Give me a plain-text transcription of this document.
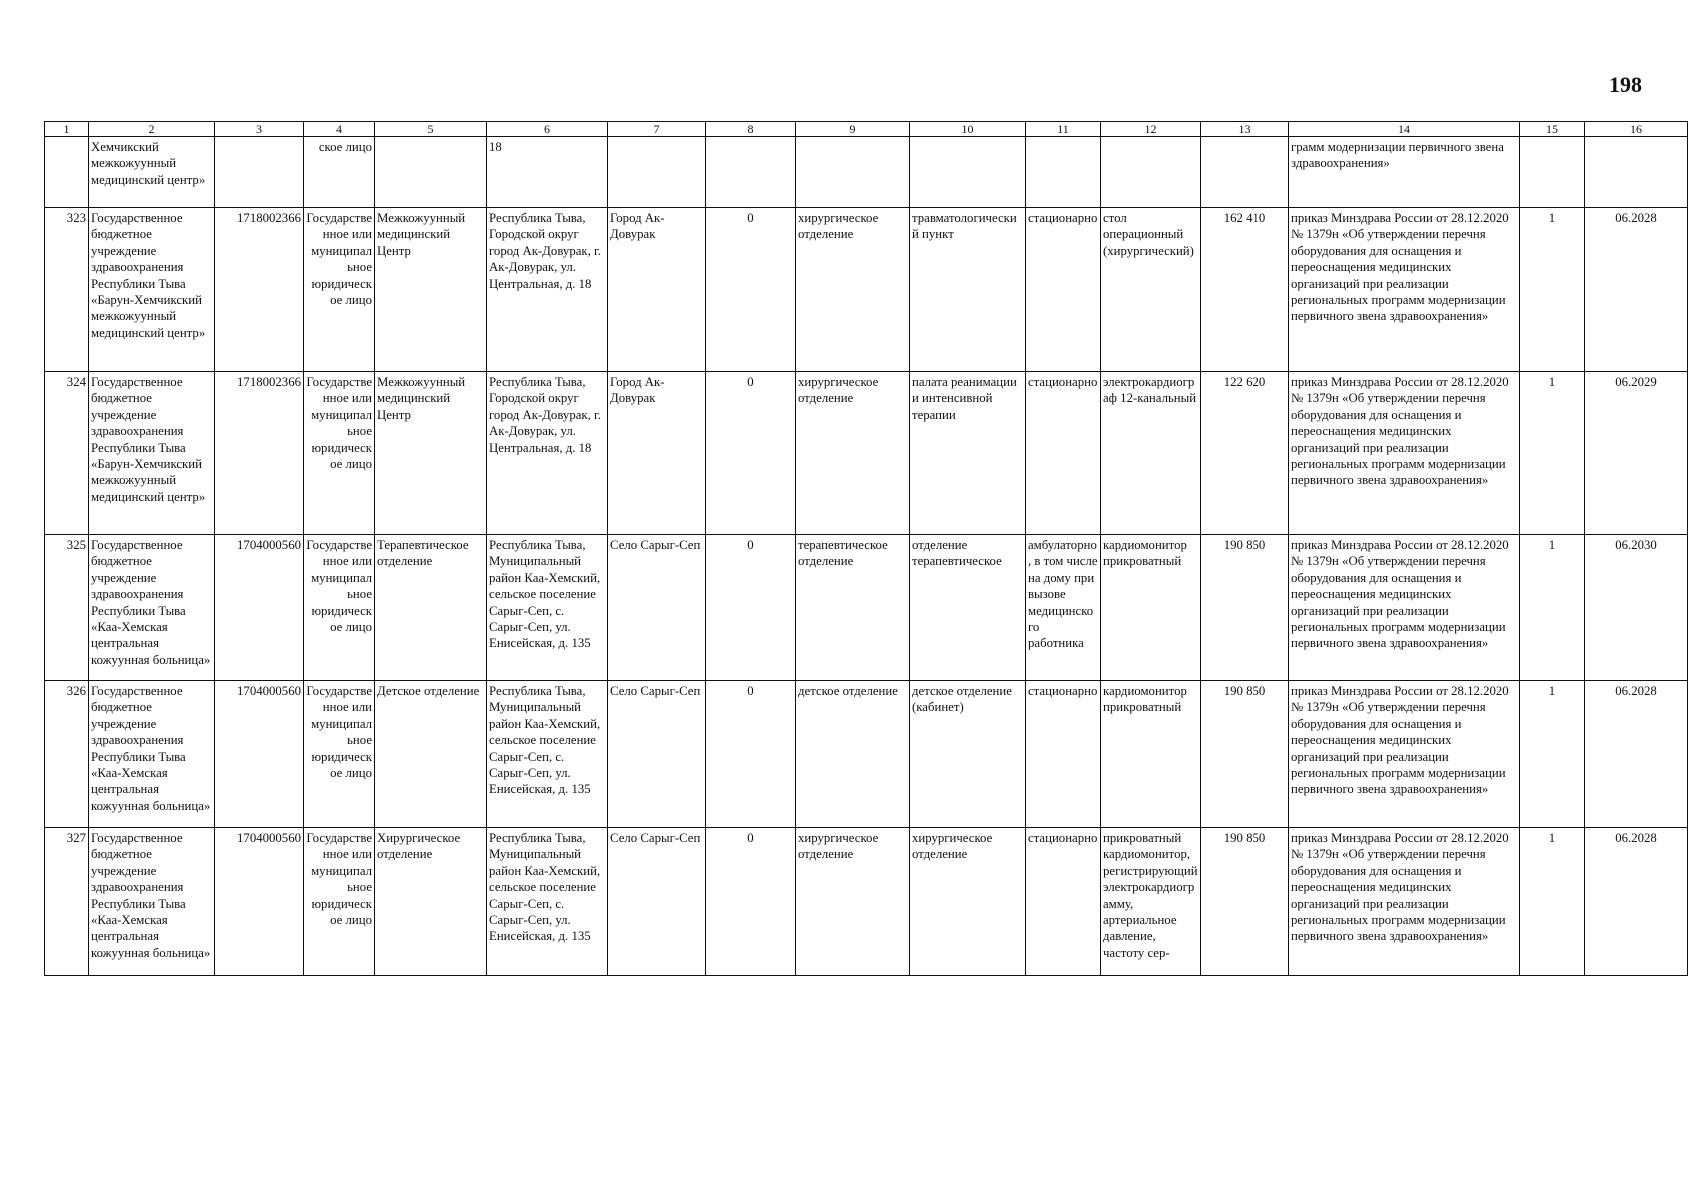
198
1	2	3	4	5	6	7	8	9	10	11	12	13	14	15	16
	Хемчикский межкожуунный медицинский центр»		ское лицо		18								грамм модернизации первичного звена здравоохранения»		
323	Государственное бюджетное учреждение здравоохранения Республики Тыва «Барун-Хемчикский межкожуунный медицинский центр»	1718002366	Государственное или муниципальное юридическое лицо	Межкожуунный медицинский Центр	Республика Тыва, Городской округ город Ак-Довурак, г. Ак-Довурак, ул. Центральная, д. 18	Город Ак-Довурак	0	хирургическое отделение	травматологический пункт	стационарно	стол операционный (хирургический)	162 410	приказ Минздрава России от 28.12.2020 № 1379н «Об утверждении перечня оборудования для оснащения и переоснащения медицинских организаций при реализации региональных программ модернизации первичного звена здравоохранения»	1	06.2028
324	Государственное бюджетное учреждение здравоохранения Республики Тыва «Барун-Хемчикский межкожуунный медицинский центр»	1718002366	Государственное или муниципальное юридическое лицо	Межкожуунный медицинский Центр	Республика Тыва, Городской округ город Ак-Довурак, г. Ак-Довурак, ул. Центральная, д. 18	Город Ак-Довурак	0	хирургическое отделение	палата реанимации и интенсивной терапии	стационарно	электрокардиограф 12-канальный	122 620	приказ Минздрава России от 28.12.2020 № 1379н «Об утверждении перечня оборудования для оснащения и переоснащения медицинских организаций при реализации региональных программ модернизации первичного звена здравоохранения»	1	06.2029
325	Государственное бюджетное учреждение здравоохранения Республики Тыва «Каа-Хемская центральная кожуунная больница»	1704000560	Государственное или муниципальное юридическое лицо	Терапевтическое отделение	Республика Тыва, Муниципальный район Каа-Хемский, сельское поселение Сарыг-Сеп, с. Сарыг-Сеп, ул. Енисейская, д. 135	Село Сарыг-Сеп	0	терапевтическое отделение	отделение терапевтическое	амбулаторно, в том числе на дому при вызове медицинского работника	кардиомонитор прикроватный	190 850	приказ Минздрава России от 28.12.2020 № 1379н «Об утверждении перечня оборудования для оснащения и переоснащения медицинских организаций при реализации региональных программ модернизации первичного звена здравоохранения»	1	06.2030
326	Государственное бюджетное учреждение здравоохранения Республики Тыва «Каа-Хемская центральная кожуунная больница»	1704000560	Государственное или муниципальное юридическое лицо	Детское отделение	Республика Тыва, Муниципальный район Каа-Хемский, сельское поселение Сарыг-Сеп, с. Сарыг-Сеп, ул. Енисейская, д. 135	Село Сарыг-Сеп	0	детское отделение	детское отделение (кабинет)	стационарно	кардиомонитор прикроватный	190 850	приказ Минздрава России от 28.12.2020 № 1379н «Об утверждении перечня оборудования для оснащения и переоснащения медицинских организаций при реализации региональных программ модернизации первичного звена здравоохранения»	1	06.2028
327	Государственное бюджетное учреждение здравоохранения Республики Тыва «Каа-Хемская центральная кожуунная больница»	1704000560	Государственное или муниципальное юридическое лицо	Хирургическое отделение	Республика Тыва, Муниципальный район Каа-Хемский, сельское поселение Сарыг-Сеп, с. Сарыг-Сеп, ул. Енисейская, д. 135	Село Сарыг-Сеп	0	хирургическое отделение	хирургическое отделение	стационарно	прикроватный кардиомонитор, регистрирующий электрокардиограмму, артериальное давление, частоту сер-	190 850	приказ Минздрава России от 28.12.2020 № 1379н «Об утверждении перечня оборудования для оснащения и переоснащения медицинских организаций при реализации региональных программ модернизации первичного звена здравоохранения»	1	06.2028
